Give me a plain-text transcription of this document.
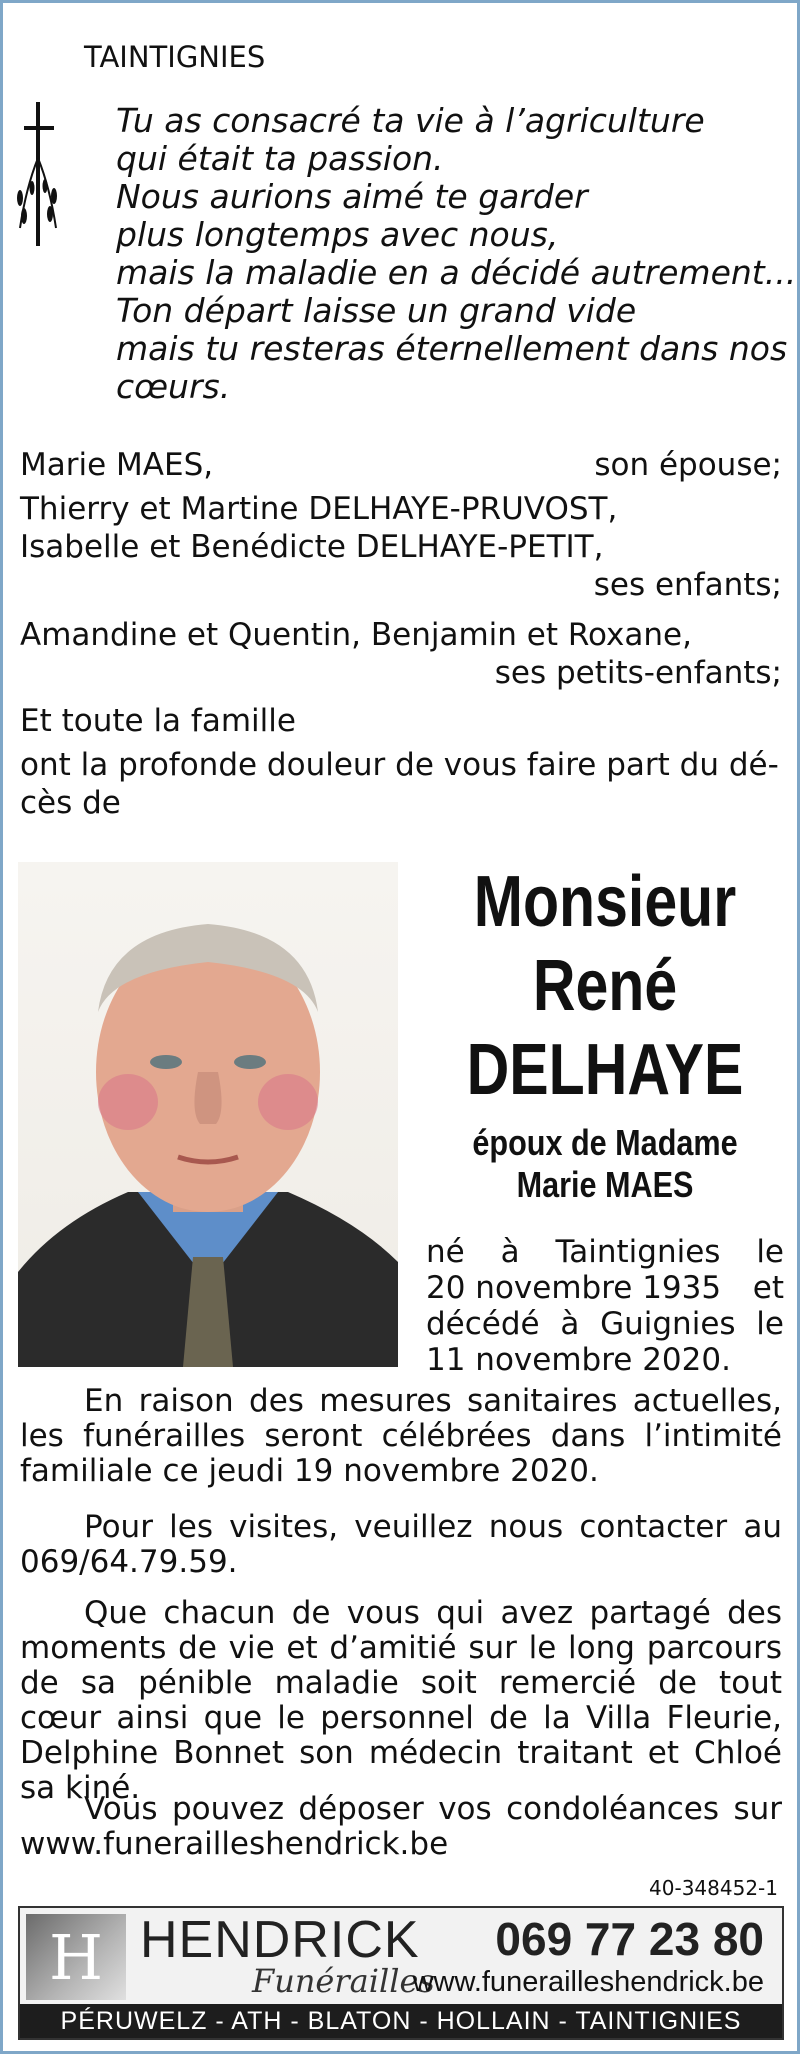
TAINTIGNIES
Tu as consacré ta vie à l’agriculture
qui était ta passion.
Nous aurions aimé te garder
plus longtemps avec nous,
mais la maladie en a décidé autrement...
Ton départ laisse un grand vide
mais tu resteras éternellement dans nos
cœurs.
Marie MAES,	son épouse;
Thierry et Martine DELHAYE-PRUVOST,
Isabelle et Benédicte DELHAYE-PETIT,
ses enfants;
Amandine et Quentin, Benjamin et Roxane,
ses petits-enfants;
Et toute la famille
ont la profonde douleur de vous faire part du dé-
cès de
Monsieur
René
DELHAYE
époux de Madame
Marie MAES
né à Taintignies le
20 novembre 1935 et
décédé à Guignies le
11 novembre 2020.
En raison des mesures sanitaires actuelles, les funérailles seront célébrées dans l’intimité familiale ce jeudi 19 novembre 2020.
Pour les visites, veuillez nous contacter au 069/64.79.59.
Que chacun de vous qui avez partagé des moments de vie et d’amitié sur le long parcours de sa pénible maladie soit remercié de tout cœur ainsi que le personnel de la Villa Fleurie, Delphine Bonnet son médecin traitant et Chloé sa kiné.
Vous pouvez déposer vos condoléances sur www.funerailleshendrick.be
40-348452-1
H HENDRICK
Funérailles
069 77 23 80
www.funerailleshendrick.be
PÉRUWELZ - ATH - BLATON - HOLLAIN - TAINTIGNIES
